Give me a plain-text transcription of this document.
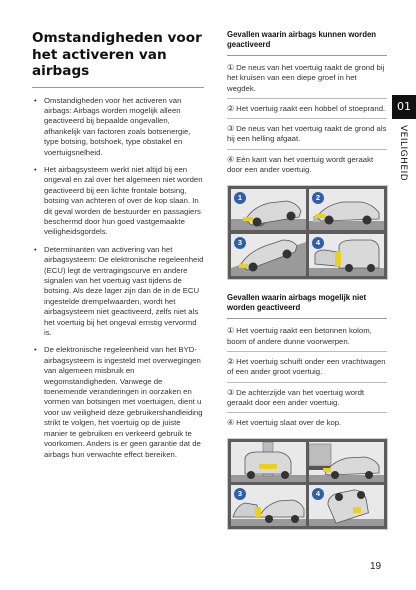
Omstandigheden voor het activeren van airbags
• Omstandigheden voor het activeren van airbags: Airbags worden mogelijk alleen geactiveerd bij bepaalde ongevallen, afhankelijk van factoren zoals botsenergie, type botsing, botshoek, type obstakel en voertuigsnelheid.
• Het airbagsysteem werkt niet altijd bij een ongeval en zal over het algemeen niet worden geactiveerd bij een lichte frontale botsing, botsing van achteren of over de kop slaan. In dit geval worden de bestuurder en passagiers beschermd door hun goed vastgemaakte veiligheidsgordels.
• Determinanten van activering van het airbagsysteem: De elektronische regeleenheid (ECU) legt de vertragingscurve en andere signalen van het voertuig vast tijdens de botsing. Als deze lager zijn dan de in de ECU ingestelde drempelwaarden, wordt het airbagsysteem niet geactiveerd, zelfs niet als het voertuig bij het ongeval ernstig vervormd is.
• De elektronische regeleenheid van het BYD-airbagsysteem is ingesteld met overwegingen van algemeen misbruik en wegomstandigheden. Vanwege de toenemende veranderingen in oorzaken en vormen van botsingen met voertuigen, dient u voor uw veiligheid deze gebruikershandleiding strikt te volgen, het voertuig op de juiste manier te gebruiken en verkeerd gebruik te voorkomen. Anders is er geen garantie dat de airbags hun verwachte effect bereiken.
Gevallen waarin airbags kunnen worden geactiveerd
① De neus van het voertuig raakt de grond bij het kruisen van een diepe groef in het wegdek.
② Het voertuig raakt een hobbel of stoeprand.
③ De neus van het voertuig raakt de grond als hij een helling afgaat.
④ Eén kant van het voertuig wordt geraakt door een ander voertuig.
1	2
3	4
Gevallen waarin airbags mogelijk niet worden geactiveerd
① Het voertuig raakt een betonnen kolom, boom of andere dunne voorwerpen.
② Het voertuig schuift onder een vrachtwagen of een ander groot voertuig.
③ De achterzijde van het voertuig wordt geraakt door een ander voertuig.
④ Het voertuig slaat over de kop.
3	4
01
VEILIGHEID
19
